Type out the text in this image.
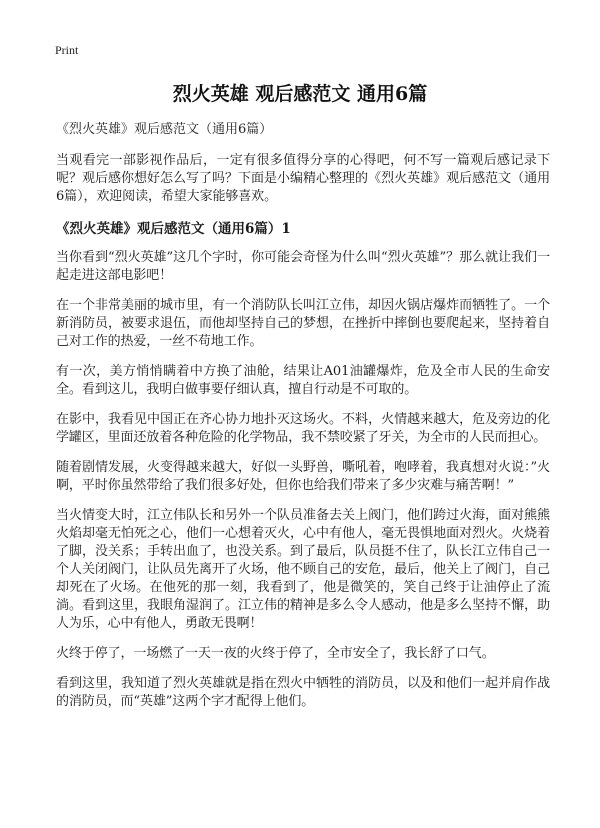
Print
烈火英雄 观后感范文 通用6篇
《烈火英雄》观后感范文（通用6篇）

当观看完一部影视作品后，一定有很多值得分享的心得吧，何不写一篇观后感记录下呢？观后感你想好怎么写了吗？下面是小编精心整理的《烈火英雄》观后感范文（通用6篇），欢迎阅读，希望大家能够喜欢。

《烈火英雄》观后感范文（通用6篇）1

当你看到“烈火英雄”这几个字时，你可能会奇怪为什么叫“烈火英雄”？那么就让我们一起走进这部电影吧！

在一个非常美丽的城市里，有一个消防队长叫江立伟，却因火锅店爆炸而牺牲了。一个新消防员，被要求退伍，而他却坚持自己的梦想，在挫折中摔倒也要爬起来，坚持着自己对工作的热爱，一丝不苟地工作。

有一次，美方悄悄瞒着中方换了油舱，结果让A01油罐爆炸，危及全市人民的生命安全。看到这儿，我明白做事要仔细认真，擅自行动是不可取的。

在影中，我看见中国正在齐心协力地扑灭这场火。不料，火情越来越大，危及旁边的化学罐区，里面还放着各种危险的化学物品，我不禁咬紧了牙关，为全市的人民而担心。

随着剧情发展，火变得越来越大，好似一头野兽，嘶吼着，咆哮着，我真想对火说：”火啊，平时你虽然带给了我们很多好处，但你也给我们带来了多少灾难与痛苦啊！”

当火情变大时，江立伟队长和另外一个队员准备去关上阀门，他们跨过火海，面对熊熊火焰却毫无怕死之心，他们一心想着灭火，心中有他人，毫无畏惧地面对烈火。火烧着了脚，没关系；手转出血了，也没关系。到了最后，队员挺不住了，队长江立伟自己一个人关闭阀门，让队员先离开了火场，他不顾自己的安危，最后，他关上了阀门，自己却死在了火场。在他死的那一刻，我看到了，他是微笑的，笑自己终于让油停止了流淌。看到这里，我眼角湿润了。江立伟的精神是多么令人感动，他是多么坚持不懈，助人为乐，心中有他人，勇敢无畏啊！

火终于停了，一场燃了一天一夜的火终于停了，全市安全了，我长舒了口气。

看到这里，我知道了烈火英雄就是指在烈火中牺牲的消防员，以及和他们一起并肩作战的消防员，而“英雄”这两个字才配得上他们。
